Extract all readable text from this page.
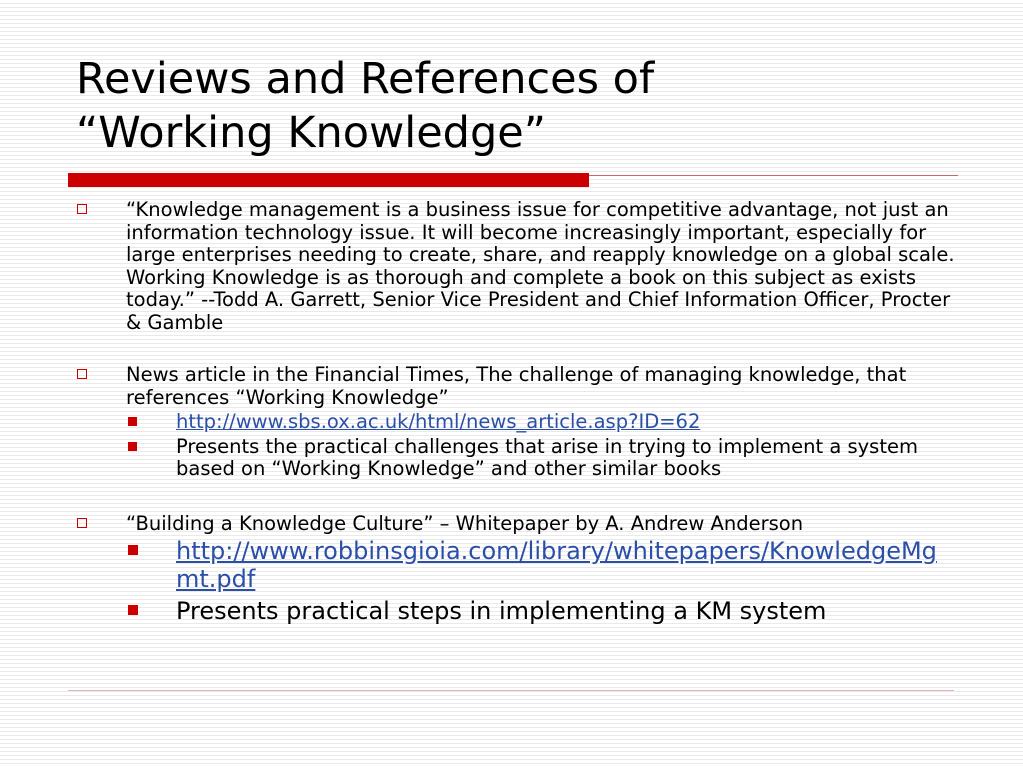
Reviews and References of
“Working Knowledge”

“Knowledge management is a business issue for competitive advantage, not just an information technology issue. It will become increasingly important, especially for large enterprises needing to create, share, and reapply knowledge on a global scale. Working Knowledge is as thorough and complete a book on this subject as exists today.” --Todd A. Garrett, Senior Vice President and Chief Information Officer, Procter & Gamble

News article in the Financial Times, The challenge of managing knowledge, that references “Working Knowledge”

http://www.sbs.ox.ac.uk/html/news_article.asp?ID=62

Presents the practical challenges that arise in trying to implement a system based on “Working Knowledge” and other similar books

“Building a Knowledge Culture” – Whitepaper by A. Andrew Anderson

http://www.robbinsgioia.com/library/whitepapers/KnowledgeMgmt.pdf

Presents practical steps in implementing a KM system
